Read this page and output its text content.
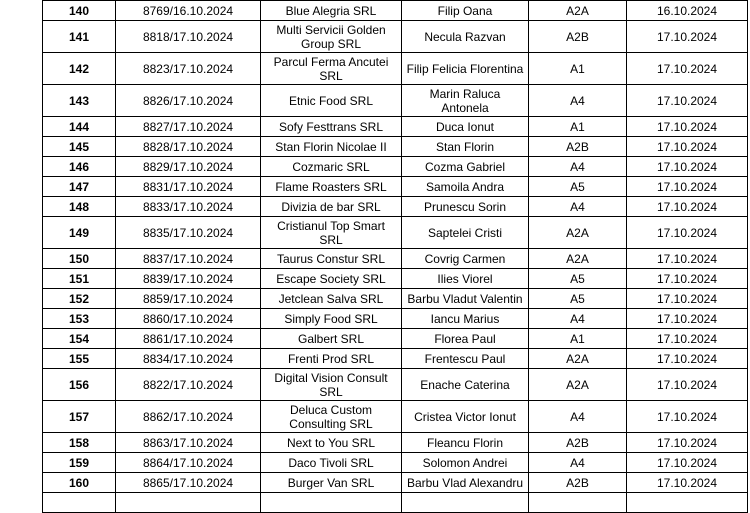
140	8769/16.10.2024	Blue Alegria SRL	Filip Oana	A2A	16.10.2024
141	8818/17.10.2024	Multi Servicii Golden Group SRL	Necula Razvan	A2B	17.10.2024
142	8823/17.10.2024	Parcul Ferma Ancutei SRL	Filip Felicia Florentina	A1	17.10.2024
143	8826/17.10.2024	Etnic Food SRL	Marin Raluca Antonela	A4	17.10.2024
144	8827/17.10.2024	Sofy Festtrans SRL	Duca Ionut	A1	17.10.2024
145	8828/17.10.2024	Stan Florin Nicolae II	Stan Florin	A2B	17.10.2024
146	8829/17.10.2024	Cozmaric SRL	Cozma Gabriel	A4	17.10.2024
147	8831/17.10.2024	Flame Roasters SRL	Samoila Andra	A5	17.10.2024
148	8833/17.10.2024	Divizia de bar SRL	Prunescu Sorin	A4	17.10.2024
149	8835/17.10.2024	Cristianul Top Smart SRL	Saptelei Cristi	A2A	17.10.2024
150	8837/17.10.2024	Taurus Constur SRL	Covrig Carmen	A2A	17.10.2024
151	8839/17.10.2024	Escape Society SRL	Ilies Viorel	A5	17.10.2024
152	8859/17.10.2024	Jetclean Salva SRL	Barbu Vladut Valentin	A5	17.10.2024
153	8860/17.10.2024	Simply Food SRL	Iancu Marius	A4	17.10.2024
154	8861/17.10.2024	Galbert SRL	Florea Paul	A1	17.10.2024
155	8834/17.10.2024	Frenti Prod SRL	Frentescu Paul	A2A	17.10.2024
156	8822/17.10.2024	Digital Vision Consult SRL	Enache Caterina	A2A	17.10.2024
157	8862/17.10.2024	Deluca Custom Consulting SRL	Cristea Victor Ionut	A4	17.10.2024
158	8863/17.10.2024	Next to You SRL	Fleancu Florin	A2B	17.10.2024
159	8864/17.10.2024	Daco Tivoli SRL	Solomon Andrei	A4	17.10.2024
160	8865/17.10.2024	Burger Van SRL	Barbu Vlad Alexandru	A2B	17.10.2024
